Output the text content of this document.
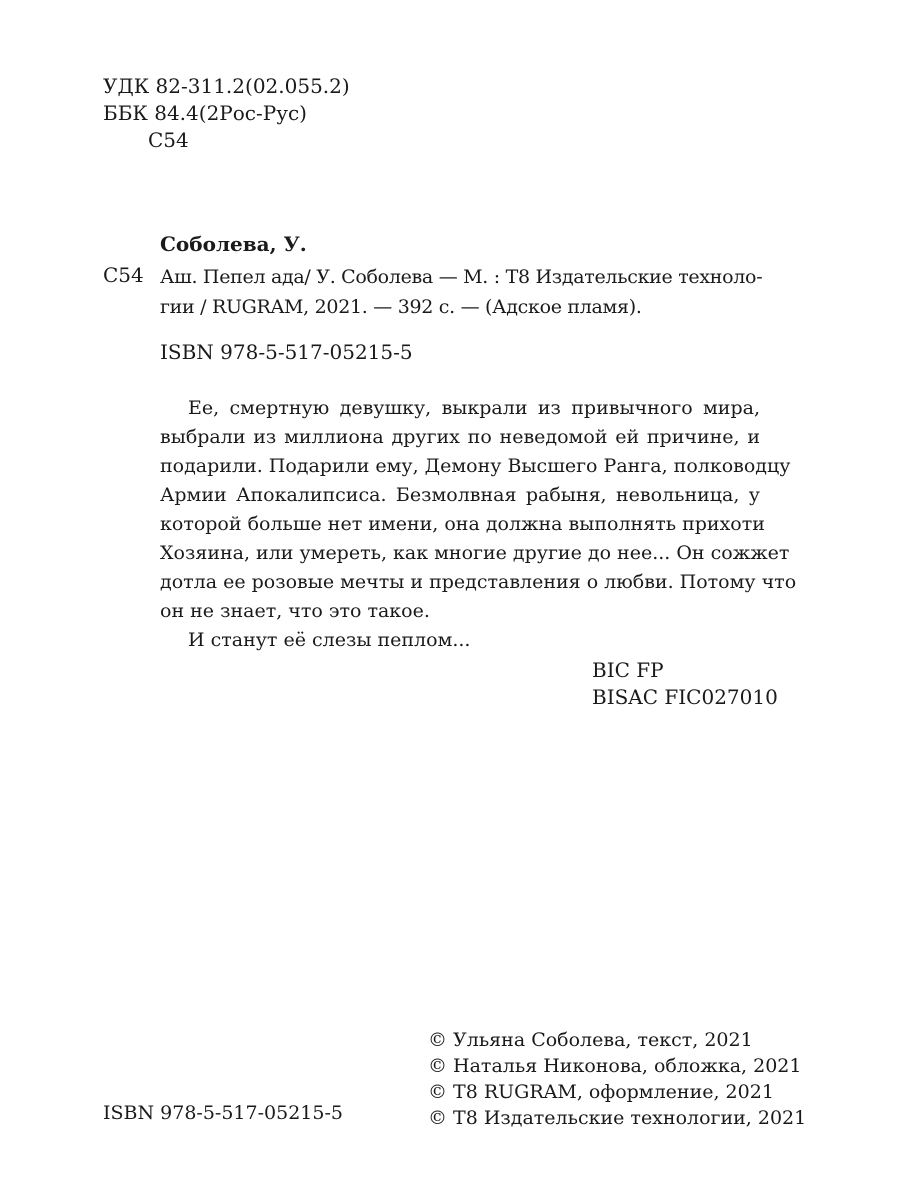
УДК 82-311.2(02.055.2)
ББК 84.4(2Рос-Рус)
С54
Соболева, У.
С54 Аш. Пепел ада/ У. Соболева — М. : Т8 Издательские техноло-
гии / RUGRAM, 2021. — 392 с. — (Адское пламя).
ISBN 978-5-517-05215-5
Ее, смертную девушку, выкрали из привычного мира,
выбрали из миллиона других по неведомой ей причине, и
подарили. Подарили ему, Демону Высшего Ранга, полководцу
Армии Апокалипсиса. Безмолвная рабыня, невольница, у
которой больше нет имени, она должна выполнять прихоти
Хозяина, или умереть, как многие другие до нее... Он сожжет
дотла ее розовые мечты и представления о любви. Потому что
он не знает, что это такое.
И станут её слезы пеплом...
BIC FP
BISAC FIC027010
© Ульяна Соболева, текст, 2021
© Наталья Никонова, обложка, 2021
© Т8 RUGRAM, оформление, 2021
© Т8 Издательские технологии, 2021
ISBN 978-5-517-05215-5
